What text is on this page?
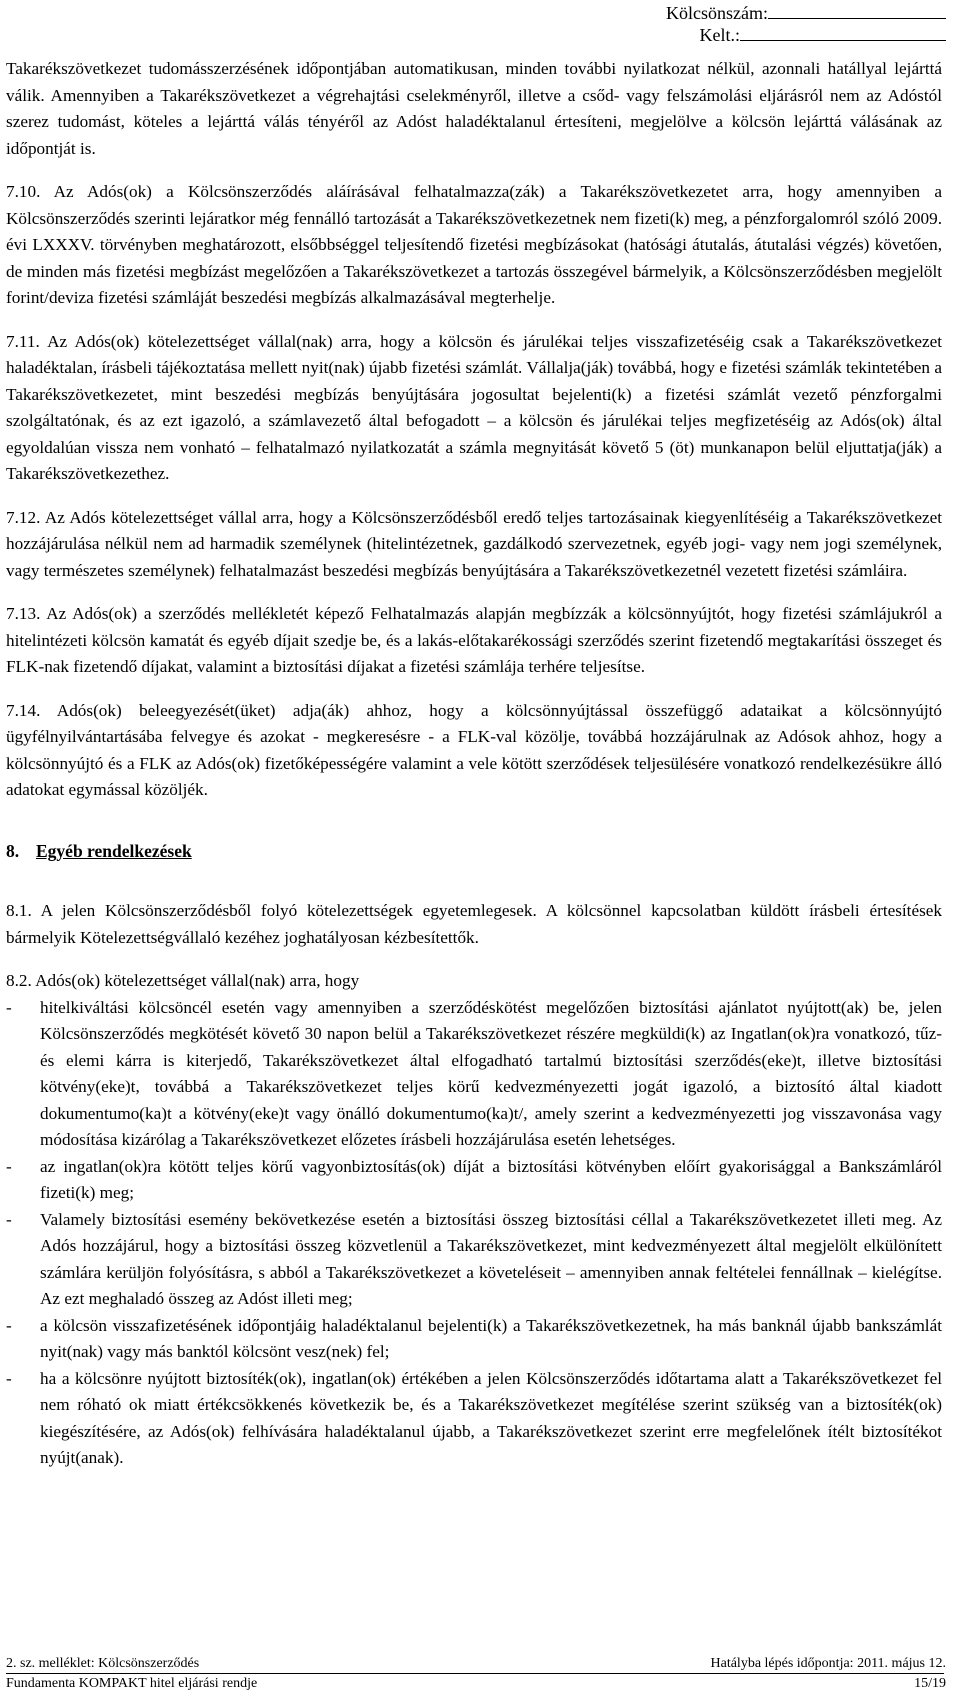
Kölcsönszám:
Kelt.:

Takarékszövetkezet tudomásszerzésének időpontjában automatikusan, minden további nyilatkozat nélkül, azonnali hatállyal lejárttá válik. Amennyiben a Takarékszövetkezet a végrehajtási cselekményről, illetve a csőd- vagy felszámolási eljárásról nem az Adóstól szerez tudomást, köteles a lejárttá válás tényéről az Adóst haladéktalanul értesíteni, megjelölve a kölcsön lejárttá válásának az időpontját is.

7.10. Az Adós(ok) a Kölcsönszerződés aláírásával felhatalmazza(zák) a Takarékszövetkezetet arra, hogy amennyiben a Kölcsönszerződés szerinti lejáratkor még fennálló tartozását a Takarékszövetkezetnek nem fizeti(k) meg, a pénzforgalomról szóló 2009. évi LXXXV. törvényben meghatározott, elsőbbséggel teljesítendő fizetési megbízásokat (hatósági átutalás, átutalási végzés) követően, de minden más fizetési megbízást megelőzően a Takarékszövetkezet a tartozás összegével bármelyik, a Kölcsönszerződésben megjelölt forint/deviza fizetési számláját beszedési megbízás alkalmazásával megterhelje.

7.11. Az Adós(ok) kötelezettséget vállal(nak) arra, hogy a kölcsön és járulékai teljes visszafizetéséig csak a Takarékszövetkezet haladéktalan, írásbeli tájékoztatása mellett nyit(nak) újabb fizetési számlát. Vállalja(ják) továbbá, hogy e fizetési számlák tekintetében a Takarékszövetkezetet, mint beszedési megbízás benyújtására jogosultat bejelenti(k) a fizetési számlát vezető pénzforgalmi szolgáltatónak, és az ezt igazoló, a számlavezető által befogadott – a kölcsön és járulékai teljes megfizetéséig az Adós(ok) által egyoldalúan vissza nem vonható – felhatalmazó nyilatkozatát a számla megnyitását követő 5 (öt) munkanapon belül eljuttatja(ják) a Takarékszövetkezethez.

7.12. Az Adós kötelezettséget vállal arra, hogy a Kölcsönszerződésből eredő teljes tartozásainak kiegyenlítéséig a Takarékszövetkezet hozzájárulása nélkül nem ad harmadik személynek (hitelintézetnek, gazdálkodó szervezetnek, egyéb jogi- vagy nem jogi személynek, vagy természetes személynek) felhatalmazást beszedési megbízás benyújtására a Takarékszövetkezetnél vezetett fizetési számláira.

7.13. Az Adós(ok) a szerződés mellékletét képező Felhatalmazás alapján megbízzák a kölcsönnyújtót, hogy fizetési számlájukról a hitelintézeti kölcsön kamatát és egyéb díjait szedje be, és a lakás-előtakarékossági szerződés szerint fizetendő megtakarítási összeget és FLK-nak fizetendő díjakat, valamint a biztosítási díjakat a fizetési számlája terhére teljesítse.

7.14. Adós(ok) beleegyezését(üket) adja(ák) ahhoz, hogy a kölcsönnyújtással összefüggő adataikat a kölcsönnyújtó ügyfélnyilvántartásába felvegye és azokat - megkeresésre - a FLK-val közölje, továbbá hozzájárulnak az Adósok ahhoz, hogy a kölcsönnyújtó és a FLK az Adós(ok) fizetőképességére valamint a vele kötött szerződések teljesülésére vonatkozó rendelkezésükre álló adatokat egymással közöljék.

8. Egyéb rendelkezések

8.1. A jelen Kölcsönszerződésből folyó kötelezettségek egyetemlegesek. A kölcsönnel kapcsolatban küldött írásbeli értesítések bármelyik Kötelezettségvállaló kezéhez joghatályosan kézbesítettők.

8.2. Adós(ok) kötelezettséget vállal(nak) arra, hogy

- hitelkiváltási kölcsöncél esetén vagy amennyiben a szerződéskötést megelőzően biztosítási ajánlatot nyújtott(ak) be, jelen Kölcsönszerződés megkötését követő 30 napon belül a Takarékszövetkezet részére megküldi(k) az Ingatlan(ok)ra vonatkozó, tűz- és elemi kárra is kiterjedő, Takarékszövetkezet által elfogadható tartalmú biztosítási szerződés(eke)t, illetve biztosítási kötvény(eke)t, továbbá a Takarékszövetkezet teljes körű kedvezményezetti jogát igazoló, a biztosító által kiadott dokumentumo(ka)t a kötvény(eke)t vagy önálló dokumentumo(ka)t/, amely szerint a kedvezményezetti jog visszavonása vagy módosítása kizárólag a Takarékszövetkezet előzetes írásbeli hozzájárulása esetén lehetséges.
- az ingatlan(ok)ra kötött teljes körű vagyonbiztosítás(ok) díját a biztosítási kötvényben előírt gyakorisággal a Bankszámláról fizeti(k) meg;
- Valamely biztosítási esemény bekövetkezése esetén a biztosítási összeg biztosítási céllal a Takarékszövetkezetet illeti meg. Az Adós hozzájárul, hogy a biztosítási összeg közvetlenül a Takarékszövetkezet, mint kedvezményezett által megjelölt elkülönített számlára kerüljön folyósításra, s abból a Takarékszövetkezet a követeléseit – amennyiben annak feltételei fennállnak – kielégítse. Az ezt meghaladó összeg az Adóst illeti meg;
- a kölcsön visszafizetésének időpontjáig haladéktalanul bejelenti(k) a Takarékszövetkezetnek, ha más banknál újabb bankszámlát nyit(nak) vagy más banktól kölcsönt vesz(nek) fel;
- ha a kölcsönre nyújtott biztosíték(ok), ingatlan(ok) értékében a jelen Kölcsönszerződés időtartama alatt a Takarékszövetkezet fel nem róható ok miatt értékcsökkenés következik be, és a Takarékszövetkezet megítélése szerint szükség van a biztosíték(ok) kiegészítésére, az Adós(ok) felhívására haladéktalanul újabb, a Takarékszövetkezet szerint erre megfelelőnek ítélt biztosítékot nyújt(anak).
2. sz. melléklet: Kölcsönszerződés	Hatályba lépés időpontja: 2011. május 12.
Fundamenta KOMPAKT hitel eljárási rendje	15/19
